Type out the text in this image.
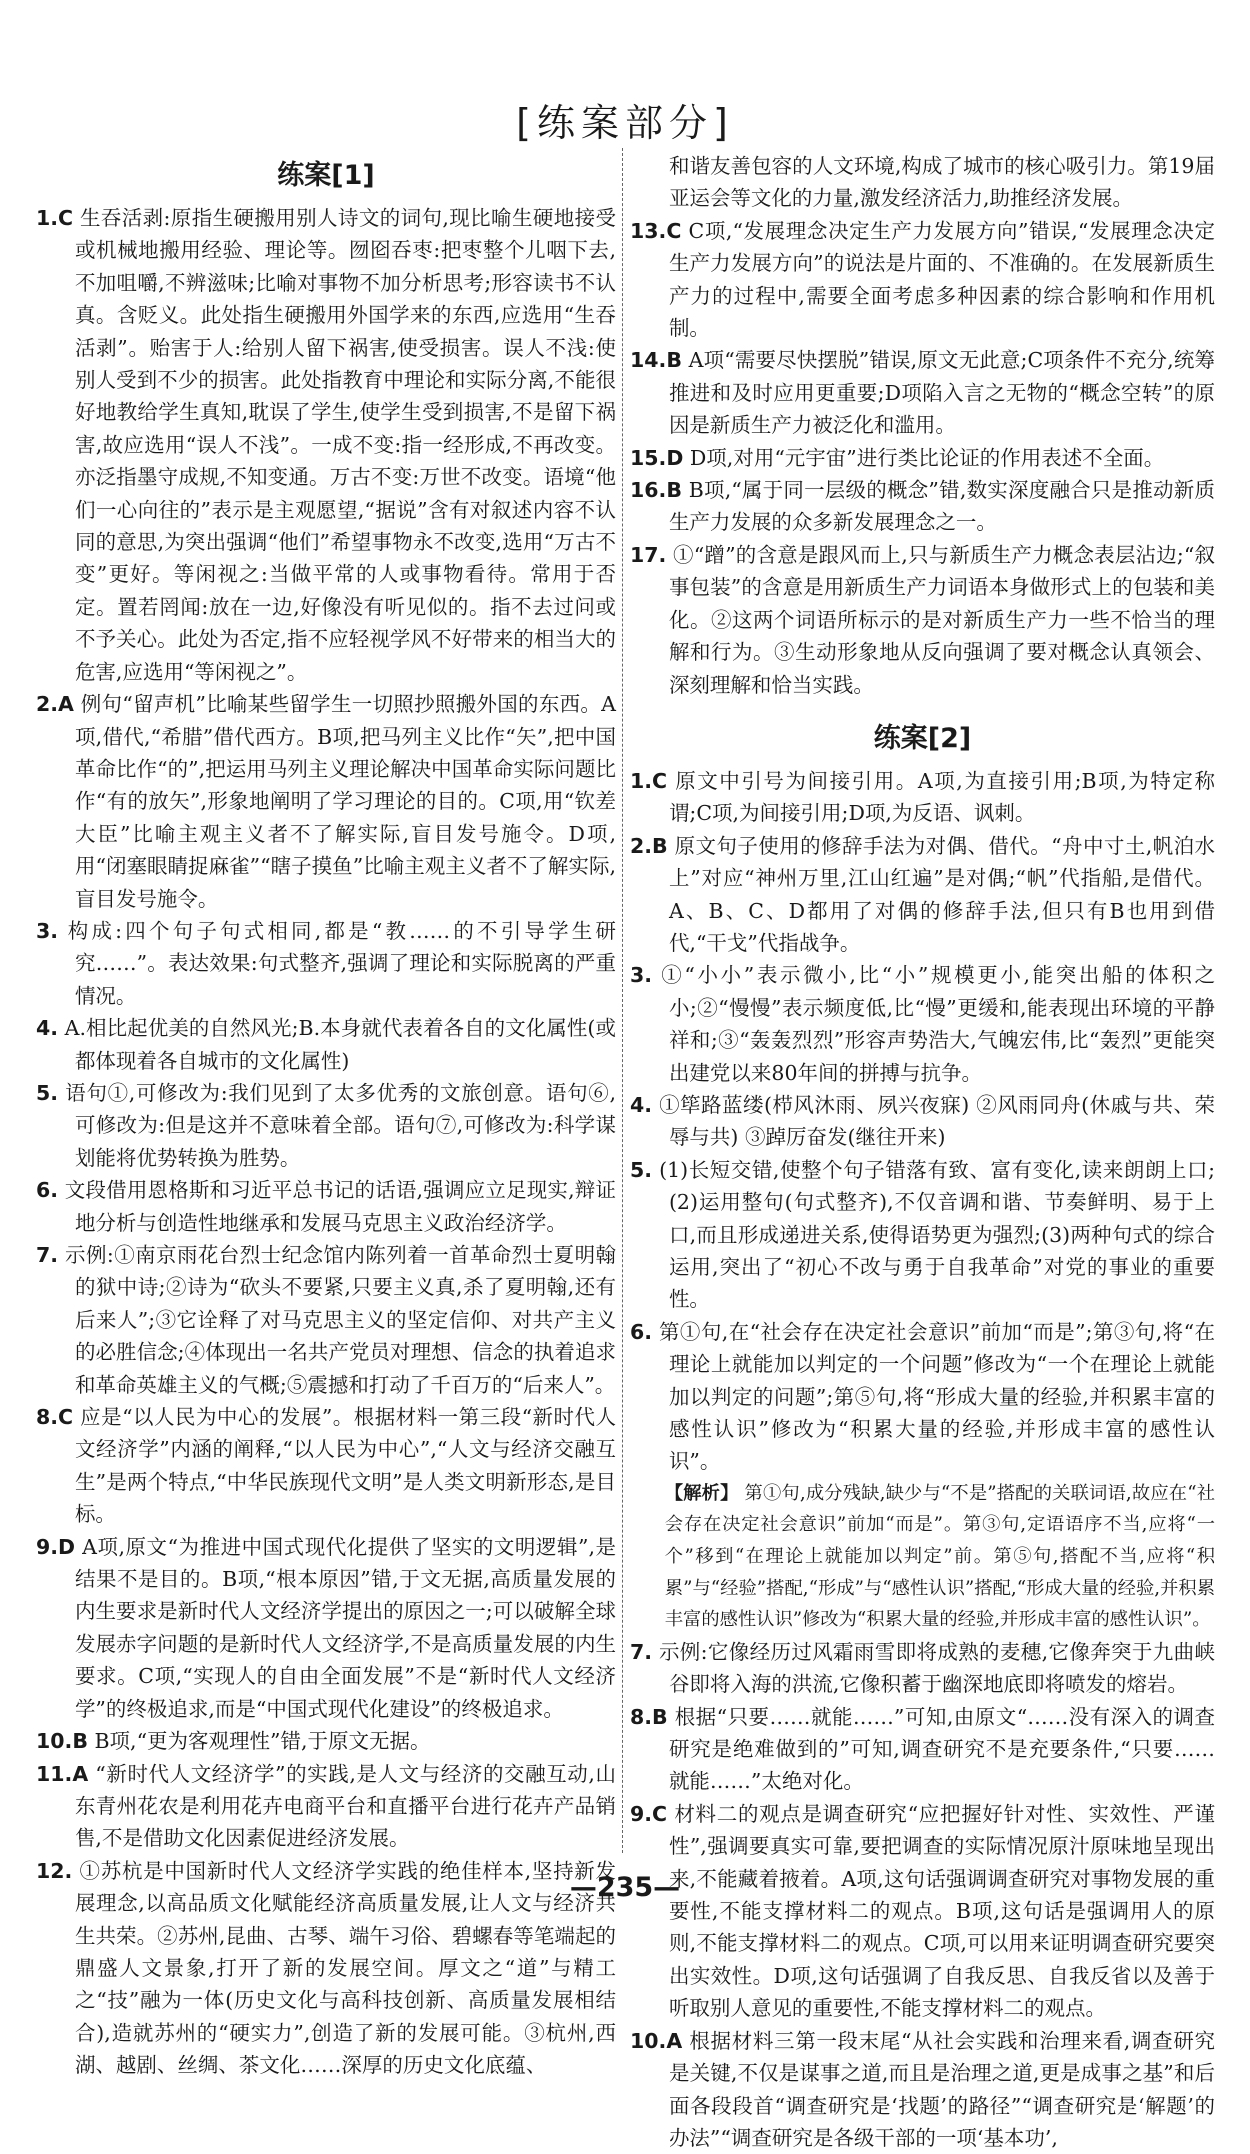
[练案部分]
练案[1]
1.C 生吞活剥:原指生硬搬用别人诗文的词句,现比喻生硬地接受或机械地搬用经验、理论等。囫囵吞枣:把枣整个儿咽下去,不加咀嚼,不辨滋味;比喻对事物不加分析思考;形容读书不认真。含贬义。此处指生硬搬用外国学来的东西,应选用“生吞活剥”。贻害于人:给别人留下祸害,使受损害。误人不浅:使别人受到不少的损害。此处指教育中理论和实际分离,不能很好地教给学生真知,耽误了学生,使学生受到损害,不是留下祸害,故应选用“误人不浅”。一成不变:指一经形成,不再改变。亦泛指墨守成规,不知变通。万古不变:万世不改变。语境“他们一心向往的”表示是主观愿望,“据说”含有对叙述内容不认同的意思,为突出强调“他们”希望事物永不改变,选用“万古不变”更好。等闲视之:当做平常的人或事物看待。常用于否定。置若罔闻:放在一边,好像没有听见似的。指不去过问或不予关心。此处为否定,指不应轻视学风不好带来的相当大的危害,应选用“等闲视之”。
2.A 例句“留声机”比喻某些留学生一切照抄照搬外国的东西。A项,借代,“希腊”借代西方。B项,把马列主义比作“矢”,把中国革命比作“的”,把运用马列主义理论解决中国革命实际问题比作“有的放矢”,形象地阐明了学习理论的目的。C项,用“钦差大臣”比喻主观主义者不了解实际,盲目发号施令。D项,用“闭塞眼睛捉麻雀”“瞎子摸鱼”比喻主观主义者不了解实际,盲目发号施令。
3. 构成:四个句子句式相同,都是“教……的不引导学生研究……”。表达效果:句式整齐,强调了理论和实际脱离的严重情况。
4. A.相比起优美的自然风光;B.本身就代表着各自的文化属性(或都体现着各自城市的文化属性)
5. 语句①,可修改为:我们见到了太多优秀的文旅创意。语句⑥,可修改为:但是这并不意味着全部。语句⑦,可修改为:科学谋划能将优势转换为胜势。
6. 文段借用恩格斯和习近平总书记的话语,强调应立足现实,辩证地分析与创造性地继承和发展马克思主义政治经济学。
7. 示例:①南京雨花台烈士纪念馆内陈列着一首革命烈士夏明翰的狱中诗;②诗为“砍头不要紧,只要主义真,杀了夏明翰,还有后来人”;③它诠释了对马克思主义的坚定信仰、对共产主义的必胜信念;④体现出一名共产党员对理想、信念的执着追求和革命英雄主义的气概;⑤震撼和打动了千百万的“后来人”。
8.C 应是“以人民为中心的发展”。根据材料一第三段“新时代人文经济学”内涵的阐释,“以人民为中心”,“人文与经济交融互生”是两个特点,“中华民族现代文明”是人类文明新形态,是目标。
9.D A项,原文“为推进中国式现代化提供了坚实的文明逻辑”,是结果不是目的。B项,“根本原因”错,于文无据,高质量发展的内生要求是新时代人文经济学提出的原因之一;可以破解全球发展赤字问题的是新时代人文经济学,不是高质量发展的内生要求。C项,“实现人的自由全面发展”不是“新时代人文经济学”的终极追求,而是“中国式现代化建设”的终极追求。
10.B B项,“更为客观理性”错,于原文无据。
11.A “新时代人文经济学”的实践,是人文与经济的交融互动,山东青州花农是利用花卉电商平台和直播平台进行花卉产品销售,不是借助文化因素促进经济发展。
12. ①苏杭是中国新时代人文经济学实践的绝佳样本,坚持新发展理念,以高品质文化赋能经济高质量发展,让人文与经济共生共荣。②苏州,昆曲、古琴、端午习俗、碧螺春等笔端起的鼎盛人文景象,打开了新的发展空间。厚文之“道”与精工之“技”融为一体(历史文化与高科技创新、高质量发展相结合),造就苏州的“硬实力”,创造了新的发展可能。③杭州,西湖、越剧、丝绸、茶文化……深厚的历史文化底蕴、
和谐友善包容的人文环境,构成了城市的核心吸引力。第19届亚运会等文化的力量,激发经济活力,助推经济发展。
13.C C项,“发展理念决定生产力发展方向”错误,“发展理念决定生产力发展方向”的说法是片面的、不准确的。在发展新质生产力的过程中,需要全面考虑多种因素的综合影响和作用机制。
14.B A项“需要尽快摆脱”错误,原文无此意;C项条件不充分,统筹推进和及时应用更重要;D项陷入言之无物的“概念空转”的原因是新质生产力被泛化和滥用。
15.D D项,对用“元宇宙”进行类比论证的作用表述不全面。
16.B B项,“属于同一层级的概念”错,数实深度融合只是推动新质生产力发展的众多新发展理念之一。
17. ①“蹭”的含意是跟风而上,只与新质生产力概念表层沾边;“叙事包装”的含意是用新质生产力词语本身做形式上的包装和美化。②这两个词语所标示的是对新质生产力一些不恰当的理解和行为。③生动形象地从反向强调了要对概念认真领会、深刻理解和恰当实践。
练案[2]
1.C 原文中引号为间接引用。A项,为直接引用;B项,为特定称谓;C项,为间接引用;D项,为反语、讽刺。
2.B 原文句子使用的修辞手法为对偶、借代。“舟中寸土,帆泊水上”对应“神州万里,江山红遍”是对偶;“帆”代指船,是借代。A、B、C、D都用了对偶的修辞手法,但只有B也用到借代,“干戈”代指战争。
3. ①“小小”表示微小,比“小”规模更小,能突出船的体积之小;②“慢慢”表示频度低,比“慢”更缓和,能表现出环境的平静祥和;③“轰轰烈烈”形容声势浩大,气魄宏伟,比“轰烈”更能突出建党以来80年间的拼搏与抗争。
4. ①筚路蓝缕(栉风沐雨、夙兴夜寐) ②风雨同舟(休戚与共、荣辱与共) ③踔厉奋发(继往开来)
5. (1)长短交错,使整个句子错落有致、富有变化,读来朗朗上口;(2)运用整句(句式整齐),不仅音调和谐、节奏鲜明、易于上口,而且形成递进关系,使得语势更为强烈;(3)两种句式的综合运用,突出了“初心不改与勇于自我革命”对党的事业的重要性。
6. 第①句,在“社会存在决定社会意识”前加“而是”;第③句,将“在理论上就能加以判定的一个问题”修改为“一个在理论上就能加以判定的问题”;第⑤句,将“形成大量的经验,并积累丰富的感性认识”修改为“积累大量的经验,并形成丰富的感性认识”。
【解析】 第①句,成分残缺,缺少与“不是”搭配的关联词语,故应在“社会存在决定社会意识”前加“而是”。第③句,定语语序不当,应将“一个”移到“在理论上就能加以判定”前。第⑤句,搭配不当,应将“积累”与“经验”搭配,“形成”与“感性认识”搭配,“形成大量的经验,并积累丰富的感性认识”修改为“积累大量的经验,并形成丰富的感性认识”。
7. 示例:它像经历过风霜雨雪即将成熟的麦穗,它像奔突于九曲峡谷即将入海的洪流,它像积蓄于幽深地底即将喷发的熔岩。
8.B 根据“只要……就能……”可知,由原文“……没有深入的调查研究是绝难做到的”可知,调查研究不是充要条件,“只要……就能……”太绝对化。
9.C 材料二的观点是调查研究“应把握好针对性、实效性、严谨性”,强调要真实可靠,要把调查的实际情况原汁原味地呈现出来,不能藏着掖着。A项,这句话强调调查研究对事物发展的重要性,不能支撑材料二的观点。B项,这句话是强调用人的原则,不能支撑材料二的观点。C项,可以用来证明调查研究要突出实效性。D项,这句话强调了自我反思、自我反省以及善于听取别人意见的重要性,不能支撑材料二的观点。
10.A 根据材料三第一段末尾“从社会实践和治理来看,调查研究是关键,不仅是谋事之道,而且是治理之道,更是成事之基”和后面各段段首“调查研究是‘找题’的路径”“调查研究是‘解题’的办法”“调查研究是各级干部的一项‘基本功’,
—235—
